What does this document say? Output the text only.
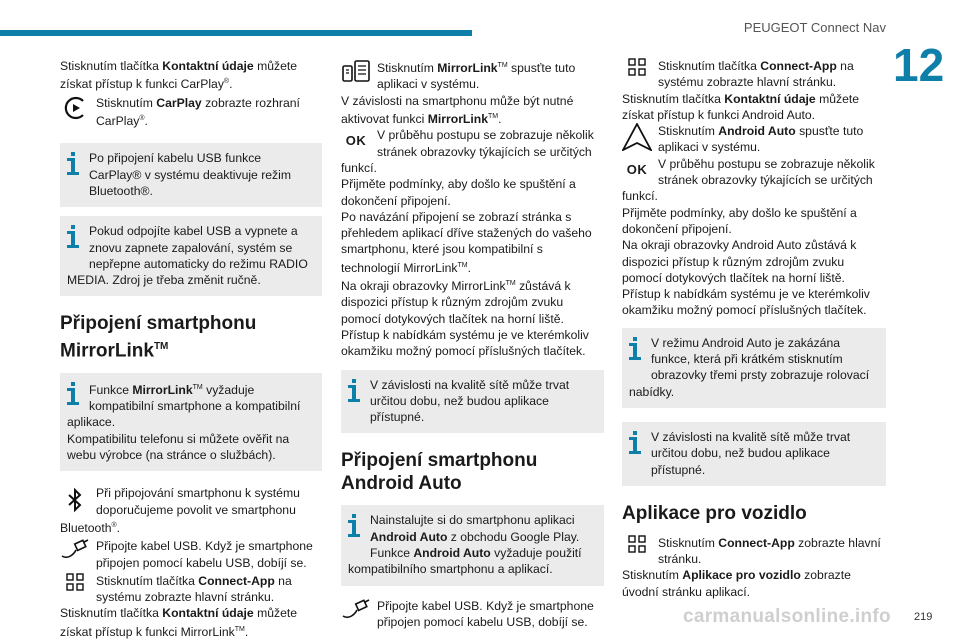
PEUGEOT Connect Nav
12

Stisknutím tlačítka Kontaktní údaje můžete získat přístup k funkci CarPlay®.

Stisknutím CarPlay zobrazte rozhraní CarPlay®.

Po připojení kabelu USB funkce CarPlay® v systému deaktivuje režim Bluetooth®.
Pokud odpojíte kabel USB a vypnete a znovu zapnete zapalování, systém se nepřepne automaticky do režimu RADIO MEDIA. Zdroj je třeba změnit ručně.
Připojení smartphonu MirrorLink™
Funkce MirrorLink™ vyžaduje kompatibilní smartphone a kompatibilní aplikace.
Kompatibilitu telefonu si můžete ověřit na webu výrobce (na stránce o službách).

Při připojování smartphonu k systému doporučujeme povolit ve smartphonu Bluetooth®.

Připojte kabel USB. Když je smartphone připojen pomocí kabelu USB, dobíjí se.

Stisknutím tlačítka Connect-App na systému zobrazte hlavní stránku.

Stisknutím tlačítka Kontaktní údaje můžete získat přístup k funkci MirrorLink™.

Stisknutím MirrorLink™ spusťte tuto aplikaci v systému.

V závislosti na smartphonu může být nutné aktivovat funkci MirrorLink™.

OK V průběhu postupu se zobrazuje několik stránek obrazovky týkajících se určitých funkcí.

Přijměte podmínky, aby došlo ke spuštění a dokončení připojení.

Po navázání připojení se zobrazí stránka s přehledem aplikací dříve stažených do vašeho smartphonu, které jsou kompatibilní s technologií MirrorLink™.

Na okraji obrazovky MirrorLink™ zůstává k dispozici přístup k různým zdrojům zvuku pomocí dotykových tlačítek na horní liště.

Přístup k nabídkám systému je ve kterémkoliv okamžiku možný pomocí příslušných tlačítek.

V závislosti na kvalitě sítě může trvat určitou dobu, než budou aplikace přístupné.
Připojení smartphonu Android Auto
Nainstalujte si do smartphonu aplikaci Android Auto z obchodu Google Play.
Funkce Android Auto vyžaduje použití kompatibilního smartphonu a aplikací.

Připojte kabel USB. Když je smartphone připojen pomocí kabelu USB, dobíjí se.

Stisknutím tlačítka Connect-App na systému zobrazte hlavní stránku.

Stisknutím tlačítka Kontaktní údaje můžete získat přístup k funkci Android Auto.

Stisknutím Android Auto spusťte tuto aplikaci v systému.

OK V průběhu postupu se zobrazuje několik stránek obrazovky týkajících se určitých funkcí.

Přijměte podmínky, aby došlo ke spuštění a dokončení připojení.

Na okraji obrazovky Android Auto zůstává k dispozici přístup k různým zdrojům zvuku pomocí dotykových tlačítek na horní liště.

Přístup k nabídkám systému je ve kterémkoliv okamžiku možný pomocí příslušných tlačítek.

V režimu Android Auto je zakázána funkce, která při krátkém stisknutím obrazovky třemi prsty zobrazuje rolovací nabídky.
V závislosti na kvalitě sítě může trvat určitou dobu, než budou aplikace přístupné.
Aplikace pro vozidlo

Stisknutím Connect-App zobrazte hlavní stránku.

Stisknutím Aplikace pro vozidlo zobrazte úvodní stránku aplikací.

carmanualsonline.info 219
